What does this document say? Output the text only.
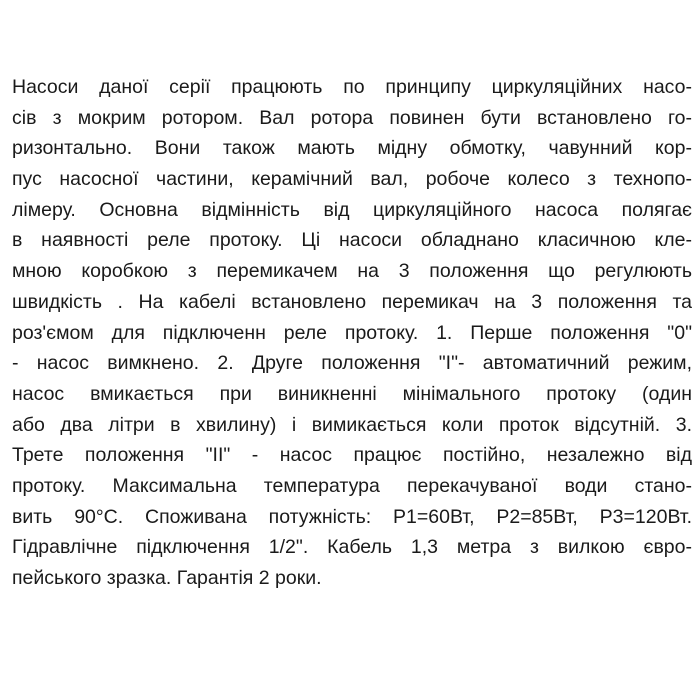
Насоси даної серії працюють по принципу циркуляційних насо-
сів з мокрим ротором. Вал ротора повинен бути встановлено го-
ризонтально. Вони також мають мідну обмотку, чавунний кор-
пус насосної частини, керамічний вал, робоче колесо з технопо-
лімеру. Основна відмінність від циркуляційного насоса полягає
в наявності реле протоку. Ці насоси обладнано класичною кле-
мною коробкою з перемикачем на 3 положення що регулюють
швидкість . На кабелі встановлено перемикач на 3 положення та
роз'ємом для підключенн реле протоку. 1. Перше положення "0"
- насос вимкнено. 2. Друге положення "I"- автоматичний режим,
насос вмикається при виникненні мінімального протоку (один
або два літри в хвилину) і вимикається коли проток відсутній. 3.
Трете положення "II" - насос працює постійно, незалежно від
протоку. Максимальна температура перекачуваної води стано-
вить 90°С. Споживана потужність: Р1=60Вт, Р2=85Вт, Р3=120Вт.
Гідравлічне підключення 1/2". Кабель 1,3 метра з вилкою євро-
пейського зразка. Гарантія 2 роки.
